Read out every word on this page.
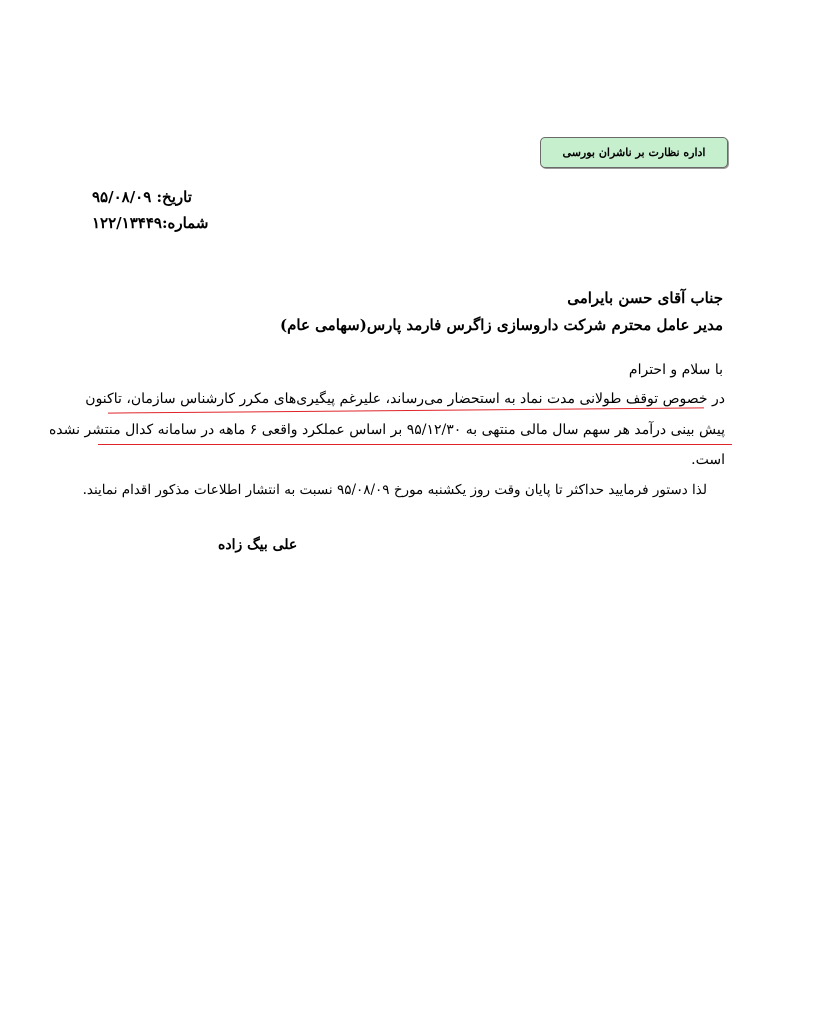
اداره نظارت بر ناشران بورسی
تاریخ: ۹۵/۰۸/۰۹
شماره:۱۲۲/۱۳۴۴۹
جناب آقای حسن بایرامی
مدیر عامل محترم شرکت داروسازی زاگرس فارمد پارس(سهامی عام)
با سلام و احترام
در خصوص توقف طولانی مدت نماد به استحضار می‌رساند، علیرغم پیگیری‌های مکرر کارشناس سازمان، تاکنون
پیش بینی درآمد هر سهم سال مالی منتهی به ۹۵/۱۲/۳۰ بر اساس عملکرد واقعی ۶ ماهه در سامانه کدال منتشر نشده
است.
لذا دستور فرمایید حداکثر تا پایان وقت روز یکشنبه مورخ ۹۵/۰۸/۰۹ نسبت به انتشار اطلاعات مذکور اقدام نمایند.
علی بیگ زاده
